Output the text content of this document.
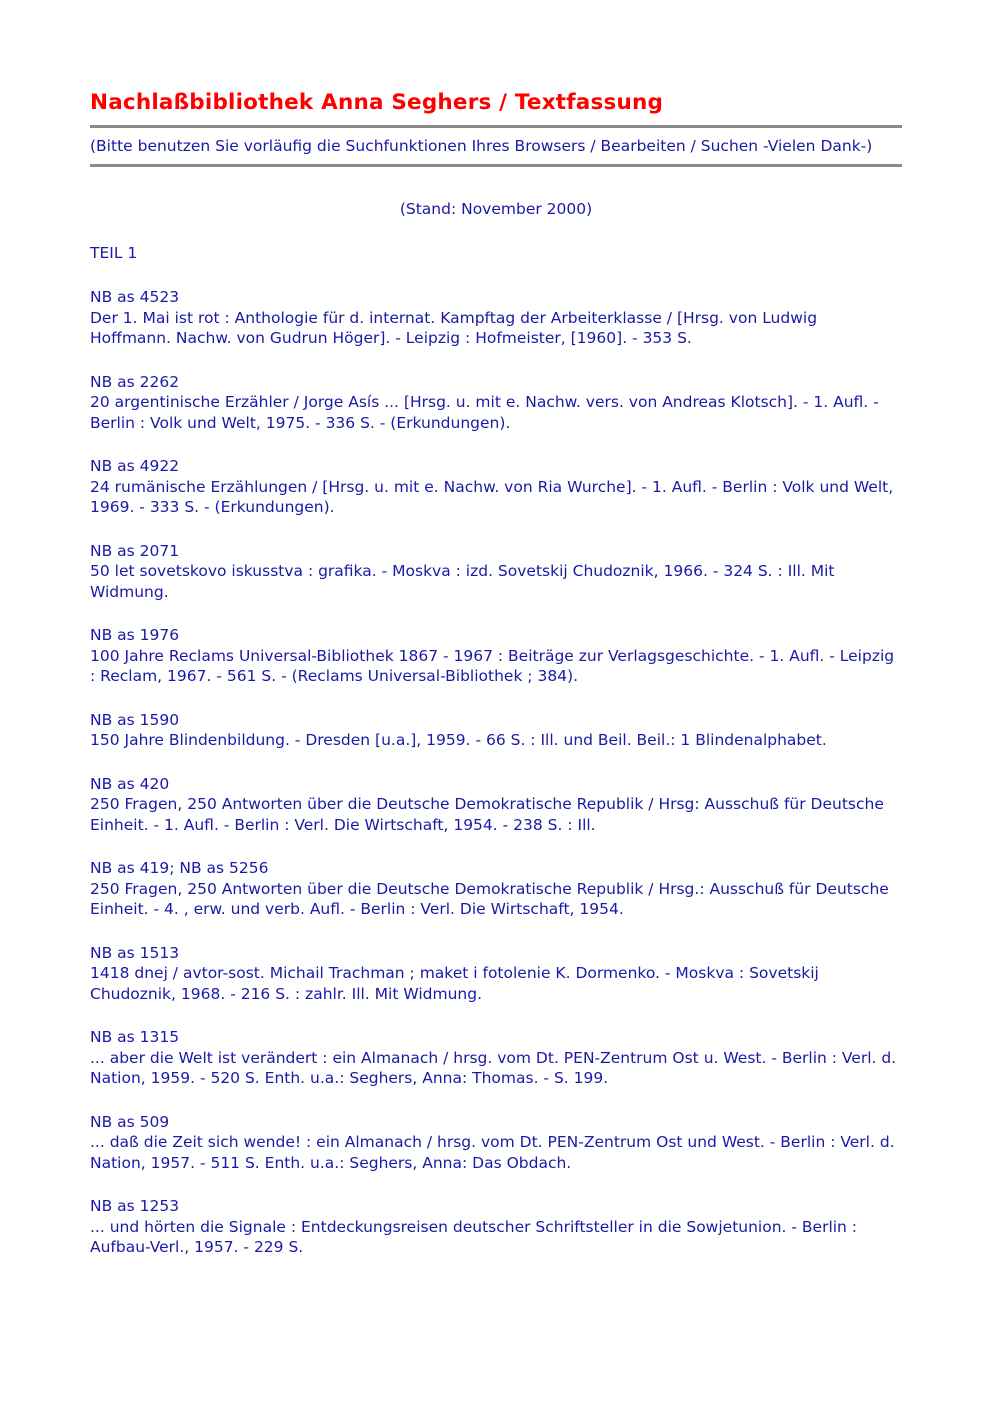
Nachlaßbibliothek Anna Seghers / Textfassung
(Bitte benutzen Sie vorläufig die Suchfunktionen Ihres Browsers / Bearbeiten / Suchen -Vielen Dank-)
(Stand: November 2000)
TEIL 1
NB as 4523
Der 1. Mai ist rot : Anthologie für d. internat. Kampftag der Arbeiterklasse / [Hrsg. von Ludwig Hoffmann. Nachw. von Gudrun Höger]. - Leipzig : Hofmeister, [1960]. - 353 S.
NB as 2262
20 argentinische Erzähler / Jorge Asís ... [Hrsg. u. mit e. Nachw. vers. von Andreas Klotsch]. - 1. Aufl. - Berlin : Volk und Welt, 1975. - 336 S. - (Erkundungen).
NB as 4922
24 rumänische Erzählungen / [Hrsg. u. mit e. Nachw. von Ria Wurche]. - 1. Aufl. - Berlin : Volk und Welt, 1969. - 333 S. - (Erkundungen).
NB as 2071
50 let sovetskovo iskusstva : grafika. - Moskva : izd. Sovetskij Chudoznik, 1966. - 324 S. : Ill. Mit Widmung.
NB as 1976
100 Jahre Reclams Universal-Bibliothek 1867 - 1967 : Beiträge zur Verlagsgeschichte. - 1. Aufl. - Leipzig : Reclam, 1967. - 561 S. - (Reclams Universal-Bibliothek ; 384).
NB as 1590
150 Jahre Blindenbildung. - Dresden [u.a.], 1959. - 66 S. : Ill. und Beil. Beil.: 1 Blindenalphabet.
NB as 420
250 Fragen, 250 Antworten über die Deutsche Demokratische Republik / Hrsg: Ausschuß für Deutsche Einheit. - 1. Aufl. - Berlin : Verl. Die Wirtschaft, 1954. - 238 S. : Ill.
NB as 419; NB as 5256
250 Fragen, 250 Antworten über die Deutsche Demokratische Republik / Hrsg.: Ausschuß für Deutsche Einheit. - 4. , erw. und verb. Aufl. - Berlin : Verl. Die Wirtschaft, 1954.
NB as 1513
1418 dnej / avtor-sost. Michail Trachman ; maket i fotolenie K. Dormenko. - Moskva : Sovetskij Chudoznik, 1968. - 216 S. : zahlr. Ill. Mit Widmung.
NB as 1315
... aber die Welt ist verändert : ein Almanach / hrsg. vom Dt. PEN-Zentrum Ost u. West. - Berlin : Verl. d. Nation, 1959. - 520 S. Enth. u.a.: Seghers, Anna: Thomas. - S. 199.
NB as 509
... daß die Zeit sich wende! : ein Almanach / hrsg. vom Dt. PEN-Zentrum Ost und West. - Berlin : Verl. d. Nation, 1957. - 511 S. Enth. u.a.: Seghers, Anna: Das Obdach.
NB as 1253
... und hörten die Signale : Entdeckungsreisen deutscher Schriftsteller in die Sowjetunion. - Berlin : Aufbau-Verl., 1957. - 229 S.
